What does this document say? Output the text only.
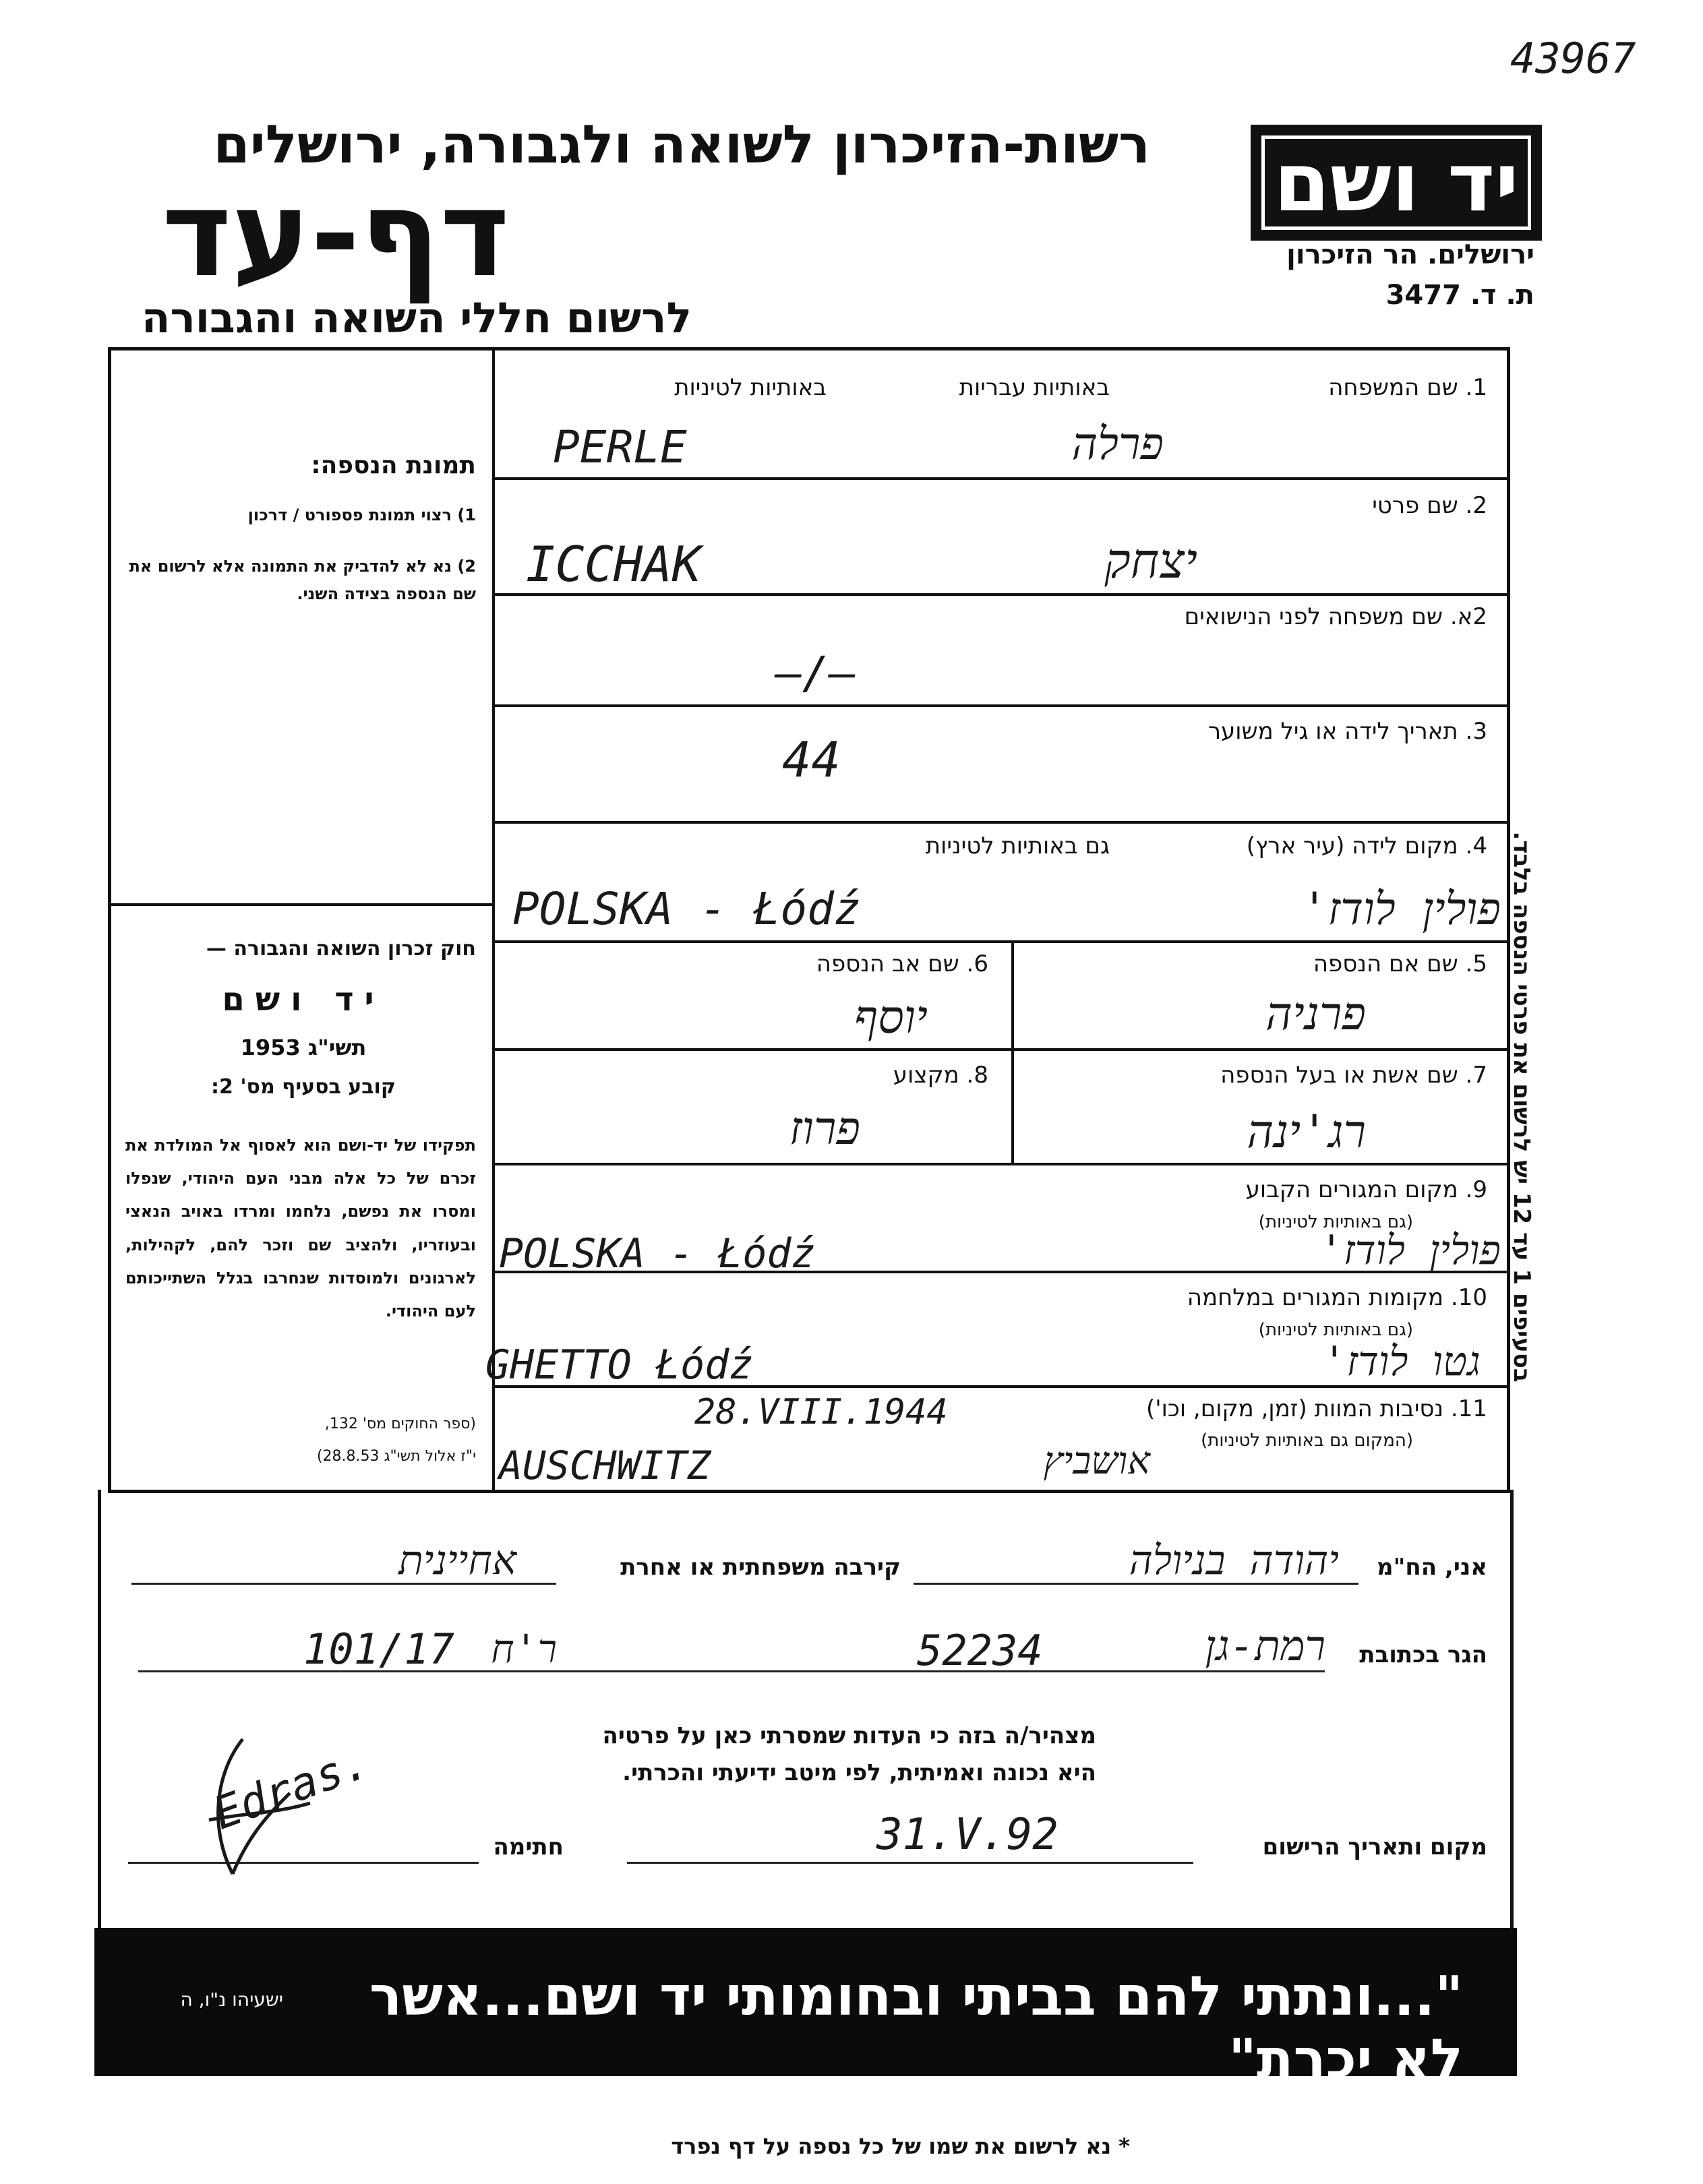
43967
רשות-הזיכרון לשואה ולגבורה, ירושלים
דף-עד
לרשום חללי השואה והגבורה
יד ושם
ירושלים. הר הזיכרון
ת. ד. 3477
תמונת הנספה:
1) רצוי תמונת פספורט / דרכון
2) נא לא להדביק את התמונה אלא לרשום את שם הנספה בצידה השני.
חוק זכרון השואה והגבורה —
יד ושם
תשי"ג 1953
קובע בסעיף מס' 2:
תפקידו של יד-ושם הוא לאסוף אל המולדת את זכרם של כל אלה מבני העם היהודי, שנפלו ומסרו את נפשם, נלחמו ומרדו באויב הנאצי ובעוזריו, ולהציב שם וזכר להם, לקהילות, לארגונים ולמוסדות שנחרבו בגלל השתייכותם לעם היהודי.
(ספר החוקים מס' 132,
י"ז אלול תשי"ג 28.8.53)
בסעיפים 1 עד 12 יש לרשום את פרטי הנספה בלבד.
1. שם המשפחה
באותיות עבריות
באותיות לטיניות
פרלה
PERLE
2. שם פרטי
יצחק
ICCHAK
2א. שם משפחה לפני הנישואים
—/—
3. תאריך לידה או גיל משוער
44
4. מקום לידה (עיר ארץ)
גם באותיות לטיניות
פולין לודז'
POLSKA - Łódź
5. שם אם הנספה
פרניה
6. שם אב הנספה
יוסף
7. שם אשת או בעל הנספה
רג'ינה
8. מקצוע
פרוז
9. מקום המגורים הקבוע
(גם באותיות לטיניות)
פולין לודז'
POLSKA - Łódź
10. מקומות המגורים במלחמה
(גם באותיות לטיניות)
גטו לודז'
GHETTO Łódź
11. נסיבות המוות (זמן, מקום, וכו')
(המקום גם באותיות לטיניות)
28.VIII.1944
אושביץ
AUSCHWITZ
אני, הח"מ
יהודה בניולה
קירבה משפחתית או אחרת
אחיינית
הגר בכתובת
רמת-גן
52234
ר'ח
101/17
מצהיר/ה בזה כי העדות שמסרתי כאן על פרטיה
היא נכונה ואמיתית, לפי מיטב ידיעתי והכרתי.
מקום ותאריך הרישום
31.V.92
חתימה
Edras.
"...ונתתי להם בביתי ובחומותי יד ושם...אשר לא יכרת"
ישעיהו נ"ו, ה
* נא לרשום את שמו של כל נספה על דף נפרד
